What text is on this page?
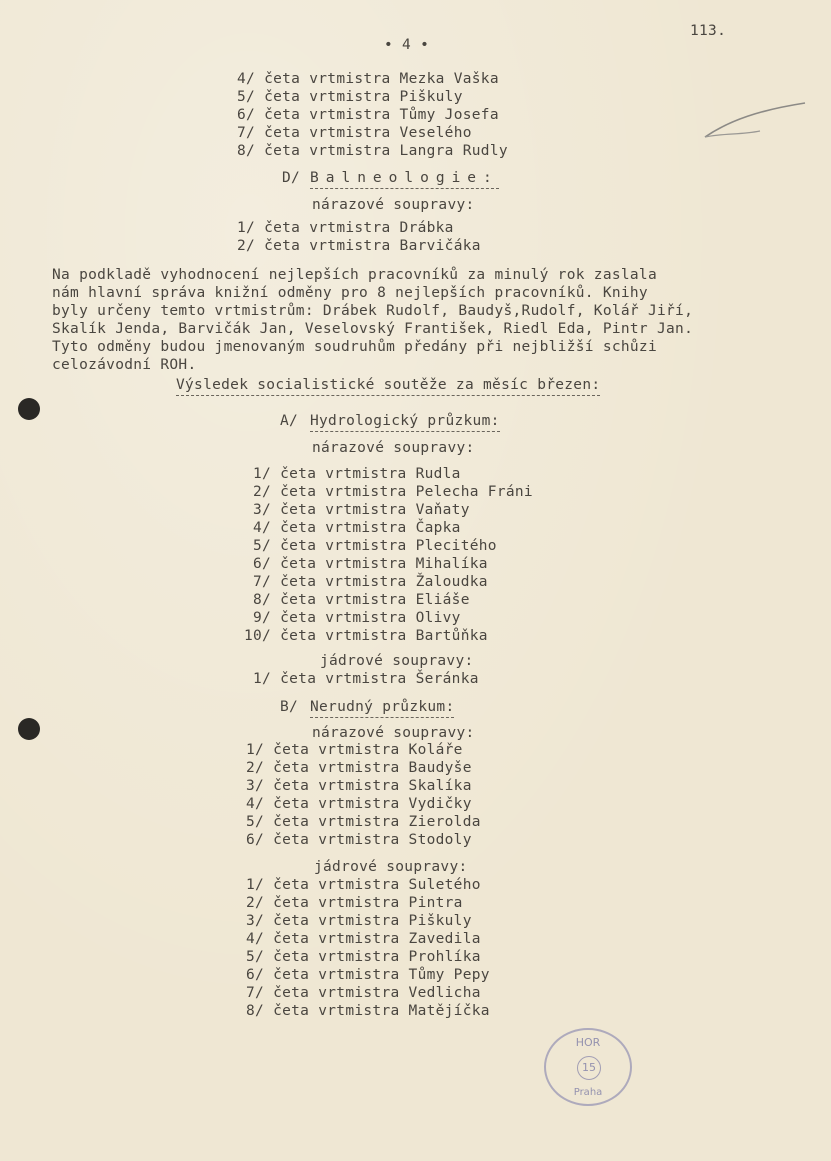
• 4 •
113.
4/ četa vrtmistra Mezka Vaška
5/ četa vrtmistra Piškuly
6/ četa vrtmistra Tůmy Josefa
7/ četa vrtmistra Veselého
8/ četa vrtmistra Langra Rudly
D/ Balneologie:
nárazové soupravy:
1/ četa vrtmistra Drábka
2/ četa vrtmistra Barvičáka
Na podkladě vyhodnocení nejlepších pracovníků za minulý rok zaslala
nám hlavní správa knižní odměny pro 8 nejlepších pracovníků. Knihy
byly určeny temto vrtmistrům: Drábek Rudolf, Baudyš,Rudolf, Kolář Jiří,
Skalík Jenda, Barvičák Jan, Veselovský František, Riedl Eda, Pintr Jan.
Tyto odměny budou jmenovaným soudruhům předány při nejbližší schůzi
celozávodní ROH.
Výsledek socialistické soutěže za měsíc březen:
A/ Hydrologický průzkum:
nárazové soupravy:
1/ četa vrtmistra Rudla
2/ četa vrtmistra Pelecha Fráni
3/ četa vrtmistra Vaňaty
4/ četa vrtmistra Čapka
5/ četa vrtmistra Plecitého
6/ četa vrtmistra Mihalíka
7/ četa vrtmistra Žaloudka
8/ četa vrtmistra Eliáše
9/ četa vrtmistra Olivy
10/ četa vrtmistra Bartůňka
jádrové soupravy:
1/ četa vrtmistra Šeránka
B/ Nerudný průzkum:
nárazové soupravy:
1/ četa vrtmistra Koláře
2/ četa vrtmistra Baudyše
3/ četa vrtmistra Skalíka
4/ četa vrtmistra Vydičky
5/ četa vrtmistra Zierolda
6/ četa vrtmistra Stodoly
jádrové soupravy:
1/ četa vrtmistra Suletého
2/ četa vrtmistra Pintra
3/ četa vrtmistra Piškuly
4/ četa vrtmistra Zavedila
5/ četa vrtmistra Prohlíka
6/ četa vrtmistra Tůmy Pepy
7/ četa vrtmistra Vedlicha
8/ četa vrtmistra Matějíčka
HOR
15
Praha
